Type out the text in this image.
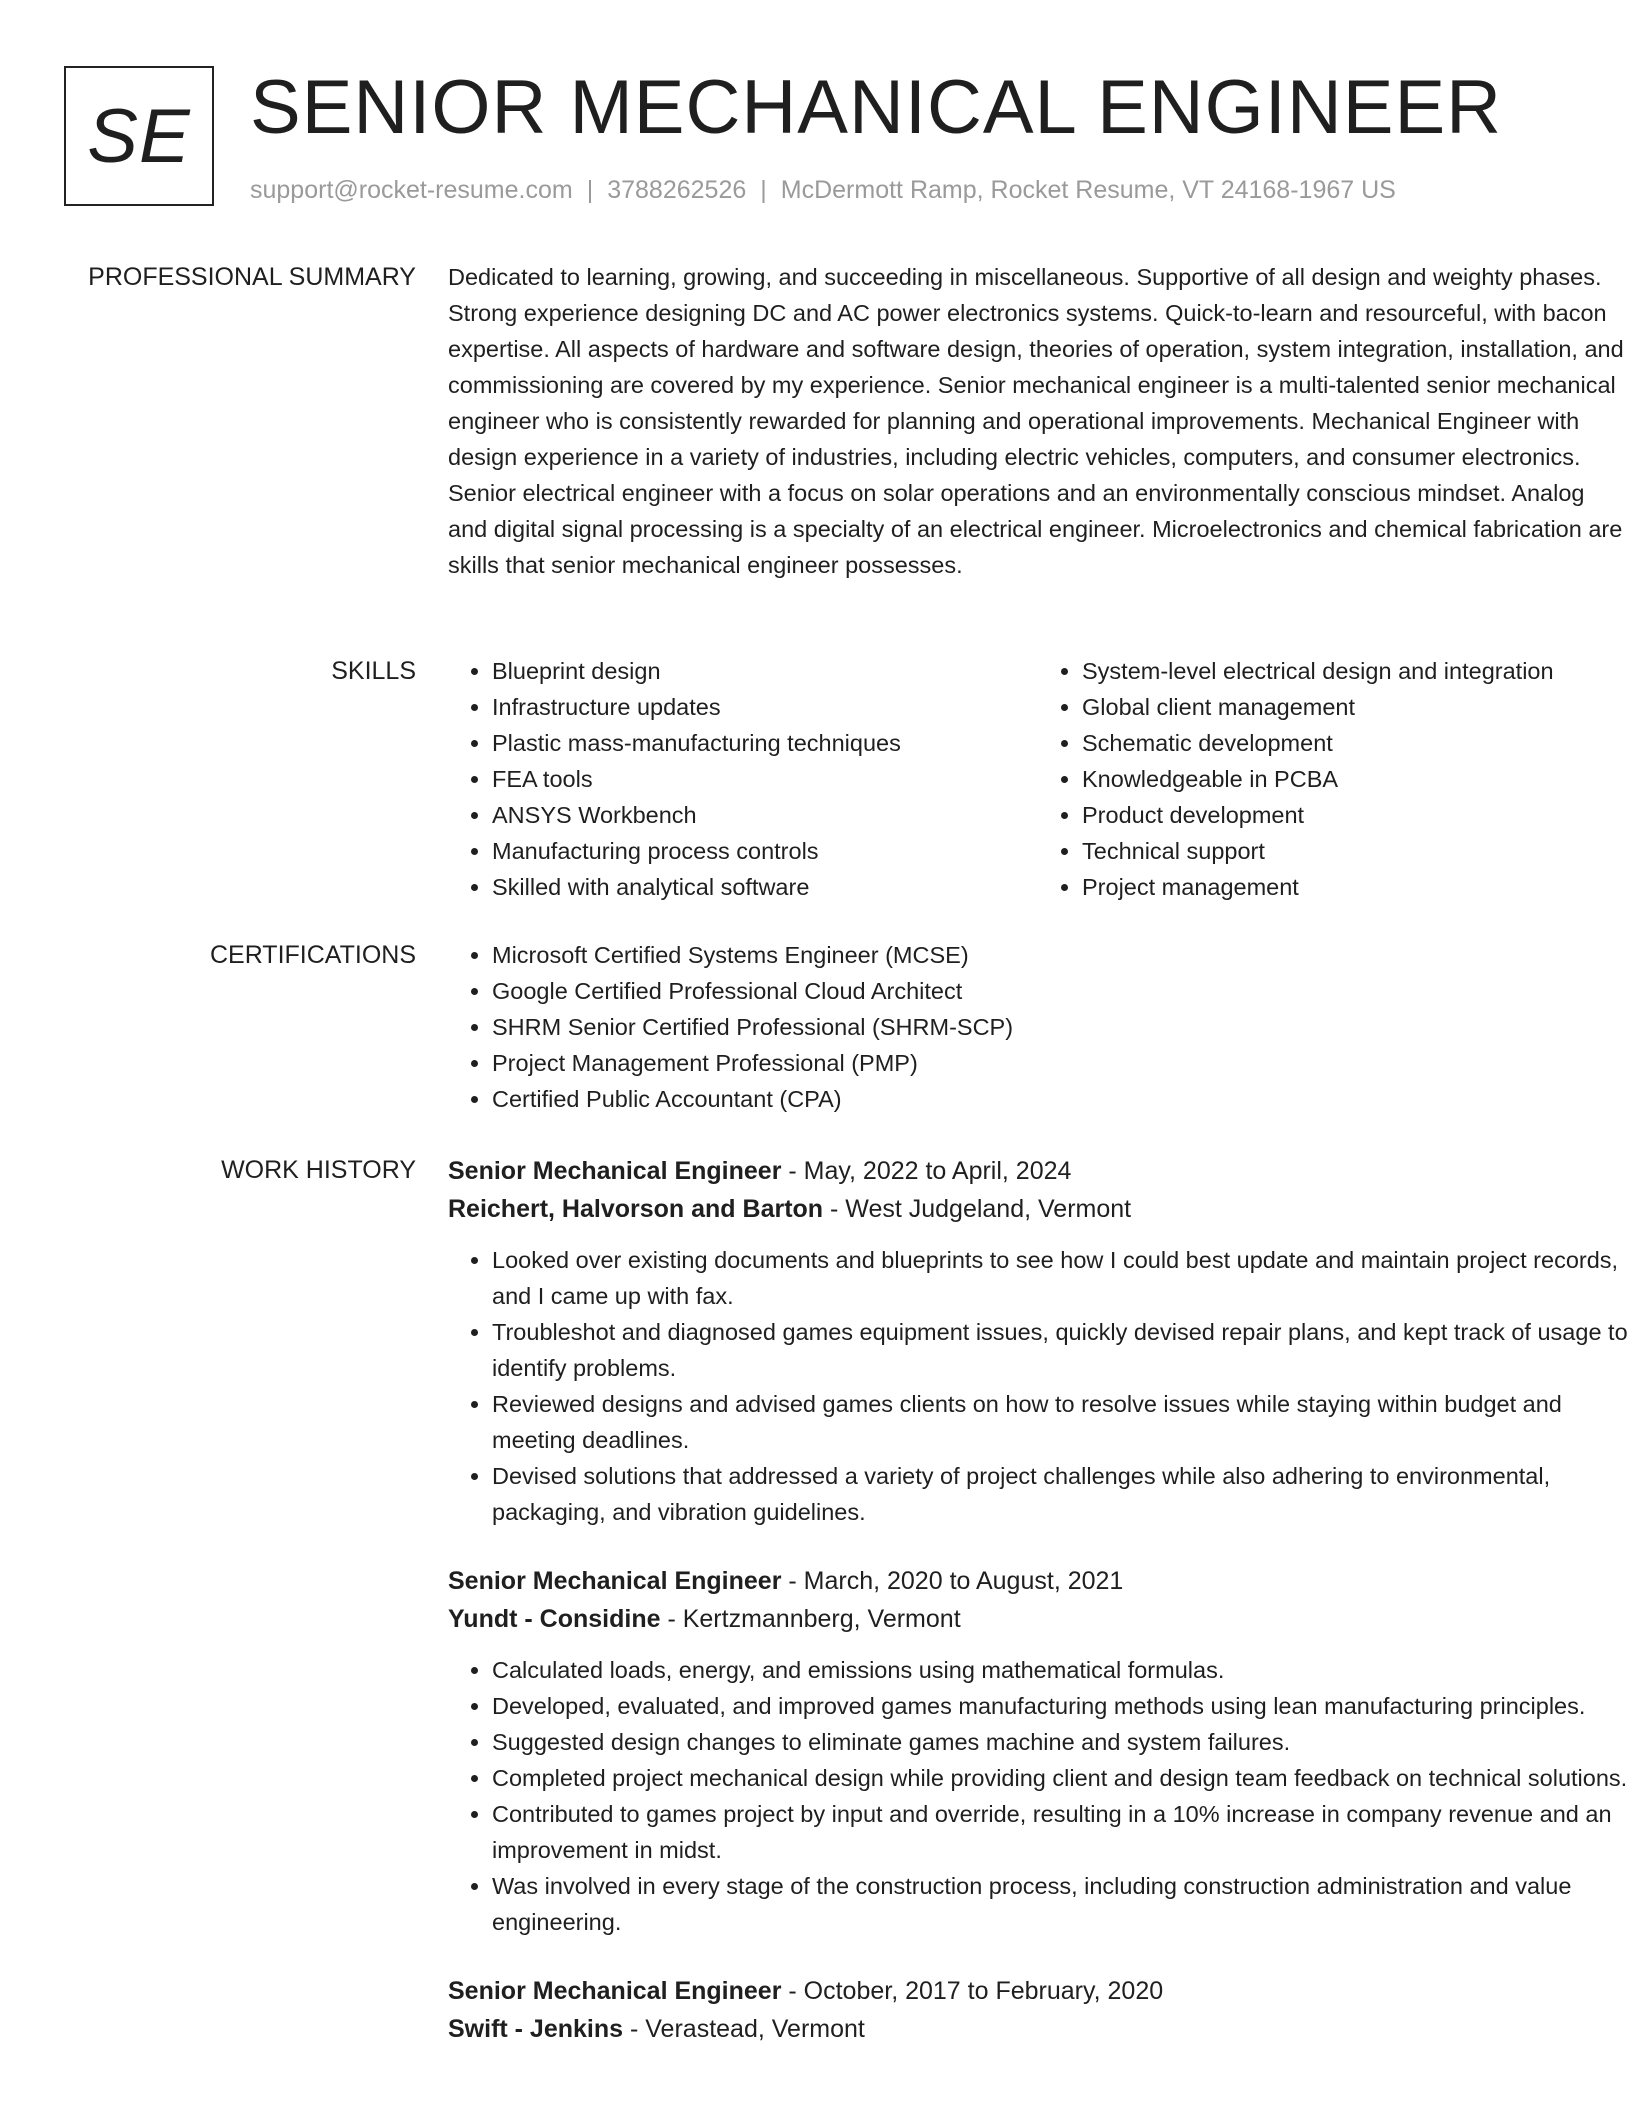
SE SENIOR MECHANICAL ENGINEER
support@rocket-resume.com | 3788262526 | McDermott Ramp, Rocket Resume, VT 24168-1967 US
PROFESSIONAL SUMMARY Dedicated to learning, growing, and succeeding in miscellaneous. Supportive of all design and weighty phases. Strong experience designing DC and AC power electronics systems. Quick-to-learn and resourceful, with bacon expertise. All aspects of hardware and software design, theories of operation, system integration, installation, and commissioning are covered by my experience. Senior mechanical engineer is a multi-talented senior mechanical engineer who is consistently rewarded for planning and operational improvements. Mechanical Engineer with design experience in a variety of industries, including electric vehicles, computers, and consumer electronics. Senior electrical engineer with a focus on solar operations and an environmentally conscious mindset. Analog and digital signal processing is a specialty of an electrical engineer. Microelectronics and chemical fabrication are skills that senior mechanical engineer possesses.

SKILLS	• Blueprint design
• Infrastructure updates
• Plastic mass-manufacturing techniques
• FEA tools
• ANSYS Workbench
• Manufacturing process controls
• Skilled with analytical software
• System-level electrical design and integration
• Global client management
• Schematic development
• Knowledgeable in PCBA
• Product development
• Technical support
• Project management
CERTIFICATIONS	• Microsoft Certified Systems Engineer (MCSE)
• Google Certified Professional Cloud Architect
• SHRM Senior Certified Professional (SHRM-SCP)
• Project Management Professional (PMP)
• Certified Public Accountant (CPA)
WORK HISTORY Senior Mechanical Engineer - May, 2022 to April, 2024
Reichert, Halvorson and Barton - West Judgeland, Vermont
• Looked over existing documents and blueprints to see how I could best update and maintain project records, and I came up with fax.
• Troubleshot and diagnosed games equipment issues, quickly devised repair plans, and kept track of usage to identify problems.
• Reviewed designs and advised games clients on how to resolve issues while staying within budget and meeting deadlines.
• Devised solutions that addressed a variety of project challenges while also adhering to environmental, packaging, and vibration guidelines.
Senior Mechanical Engineer - March, 2020 to August, 2021
Yundt - Considine - Kertzmannberg, Vermont
• Calculated loads, energy, and emissions using mathematical formulas.
• Developed, evaluated, and improved games manufacturing methods using lean manufacturing principles.
• Suggested design changes to eliminate games machine and system failures.
• Completed project mechanical design while providing client and design team feedback on technical solutions.
• Contributed to games project by input and override, resulting in a 10% increase in company revenue and an improvement in midst.
• Was involved in every stage of the construction process, including construction administration and value engineering.
Senior Mechanical Engineer - October, 2017 to February, 2020
Swift - Jenkins - Verastead, Vermont
